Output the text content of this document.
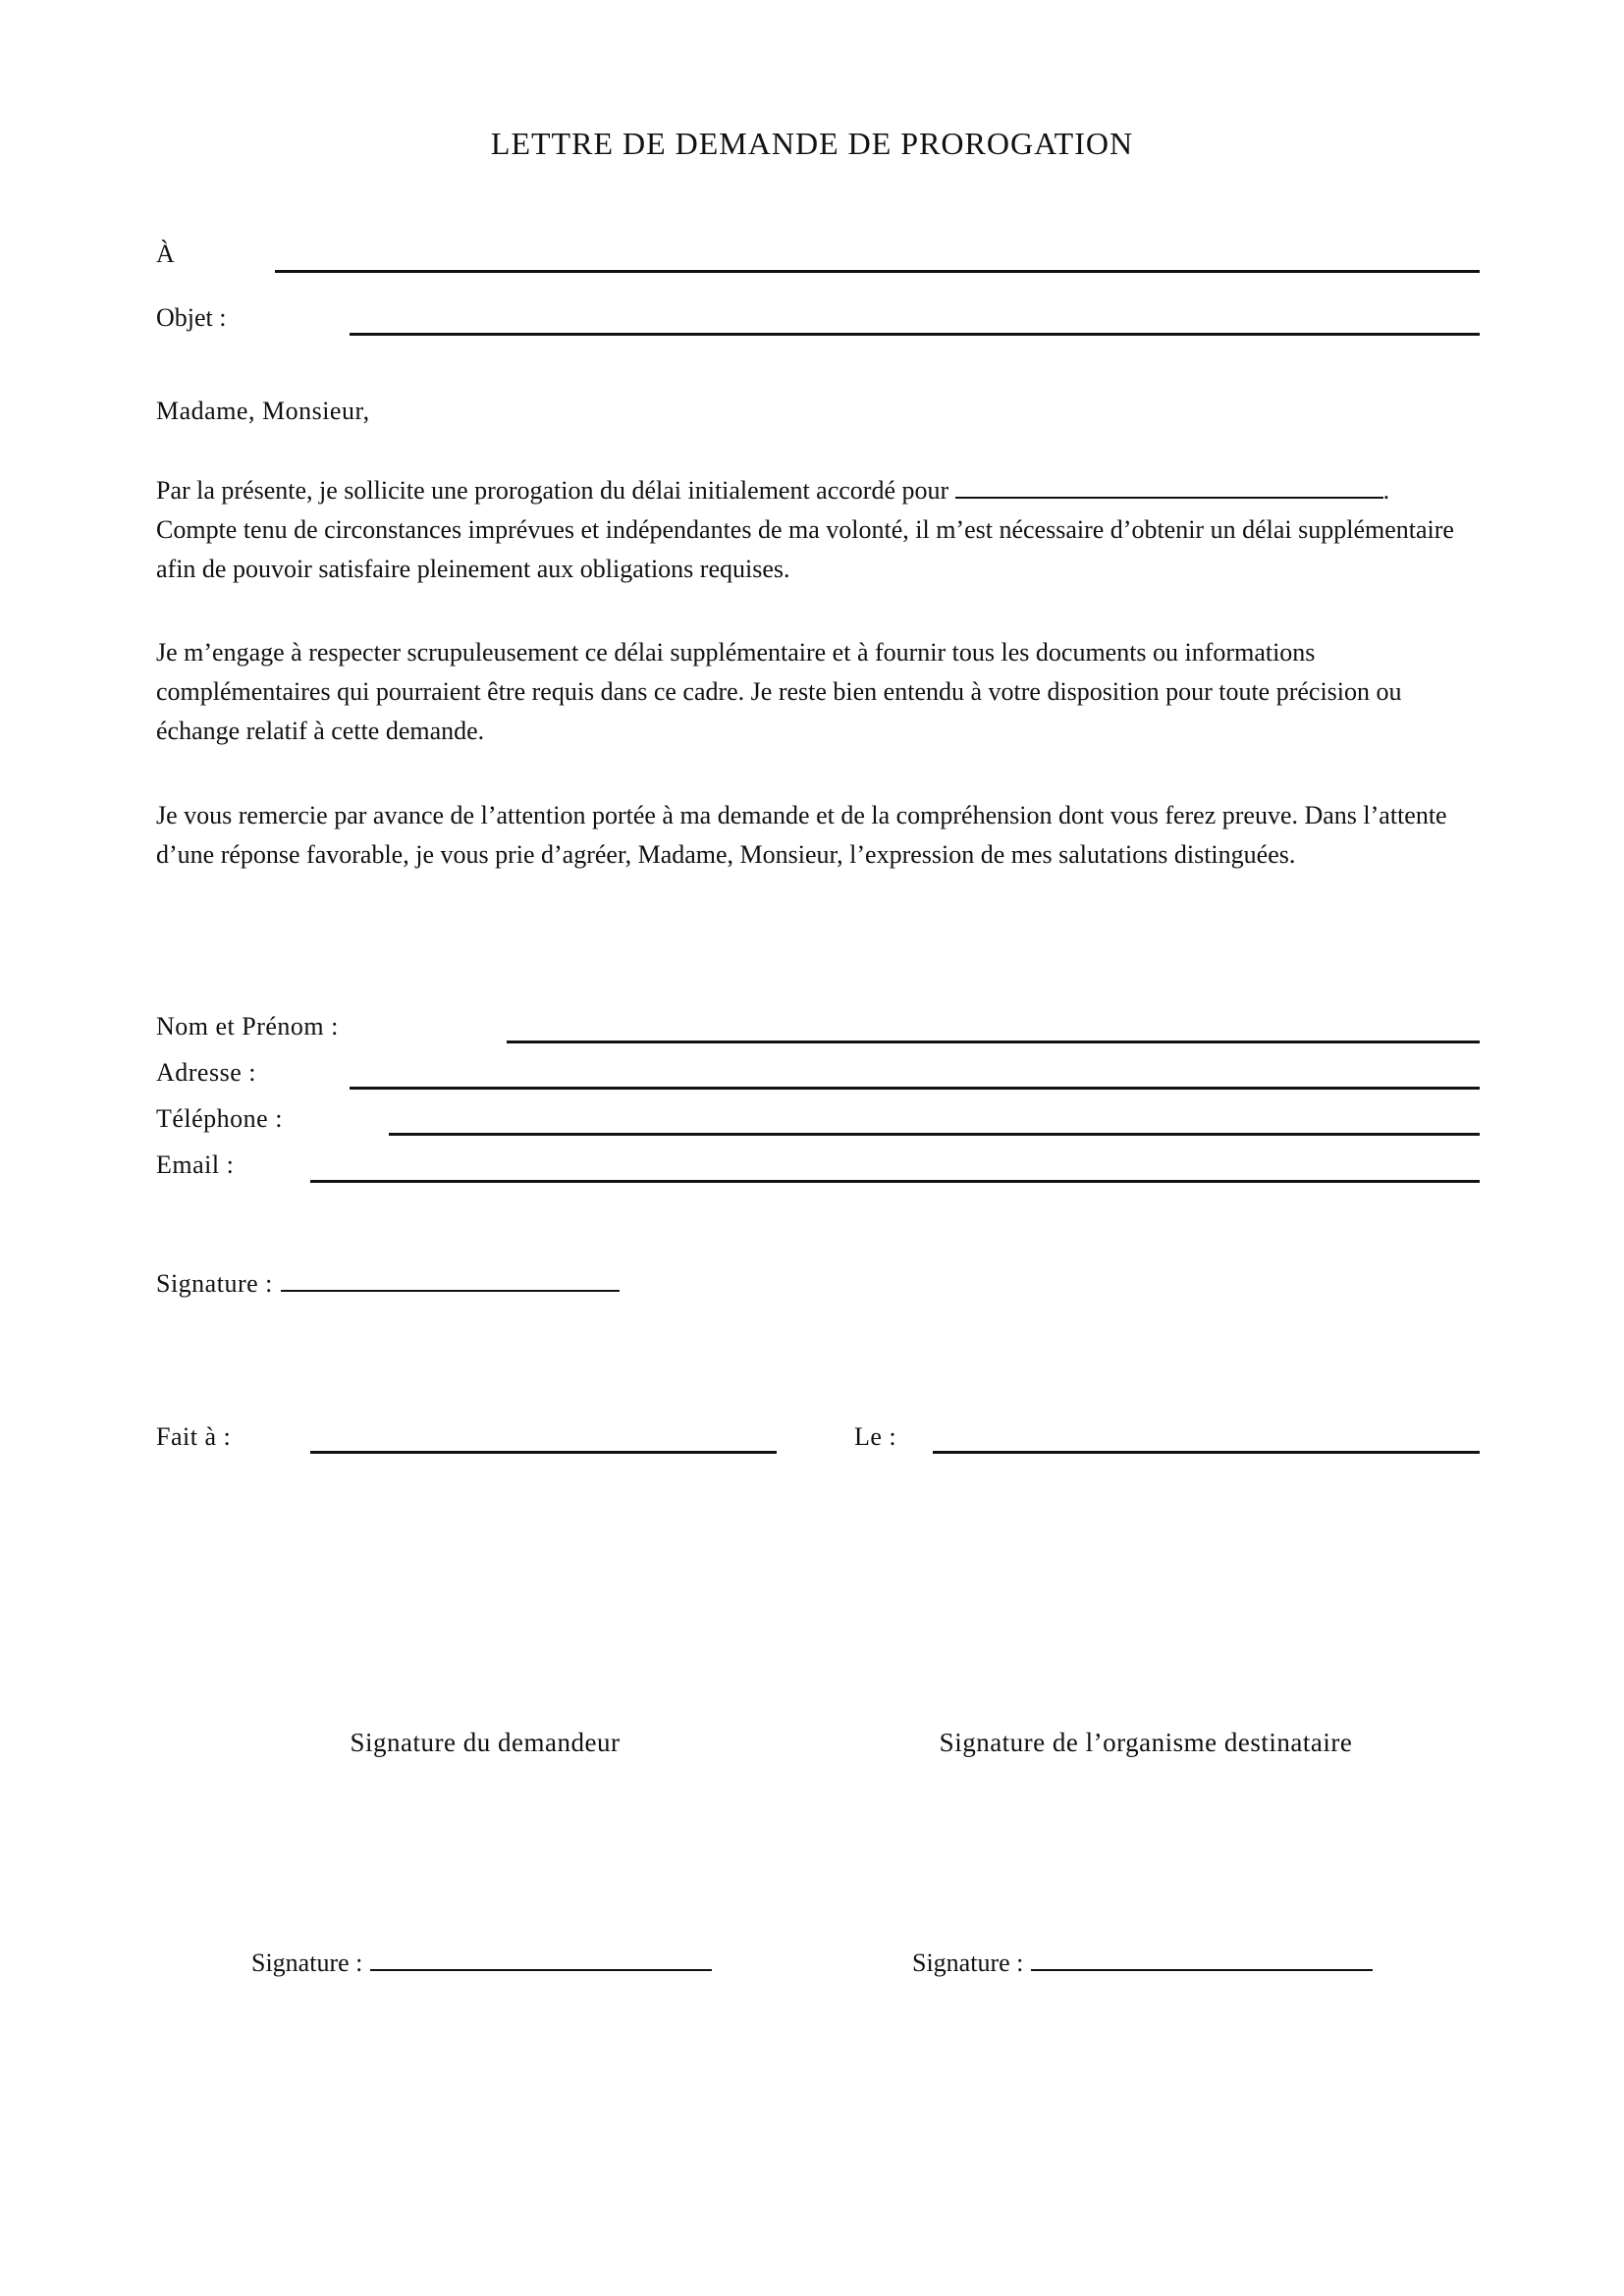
LETTRE DE DEMANDE DE PROROGATION
À
Objet :
Madame, Monsieur,
Par la présente, je sollicite une prorogation du délai initialement accordé pour	.
Compte tenu de circonstances imprévues et indépendantes de ma volonté, il m’est nécessaire d’obtenir un délai supplémentaire afin de pouvoir satisfaire pleinement aux obligations requises.
Je m’engage à respecter scrupuleusement ce délai supplémentaire et à fournir tous les documents ou informations complémentaires qui pourraient être requis dans ce cadre. Je reste bien entendu à votre disposition pour toute précision ou échange relatif à cette demande.
Je vous remercie par avance de l’attention portée à ma demande et de la compréhension dont vous ferez preuve. Dans l’attente d’une réponse favorable, je vous prie d’agréer, Madame, Monsieur, l’expression de mes salutations distinguées.
Nom et Prénom :
Adresse :
Téléphone :
Email :
Signature :
Fait à :	Le :
Signature du demandeur	Signature de l’organisme destinataire
Signature :	Signature :
